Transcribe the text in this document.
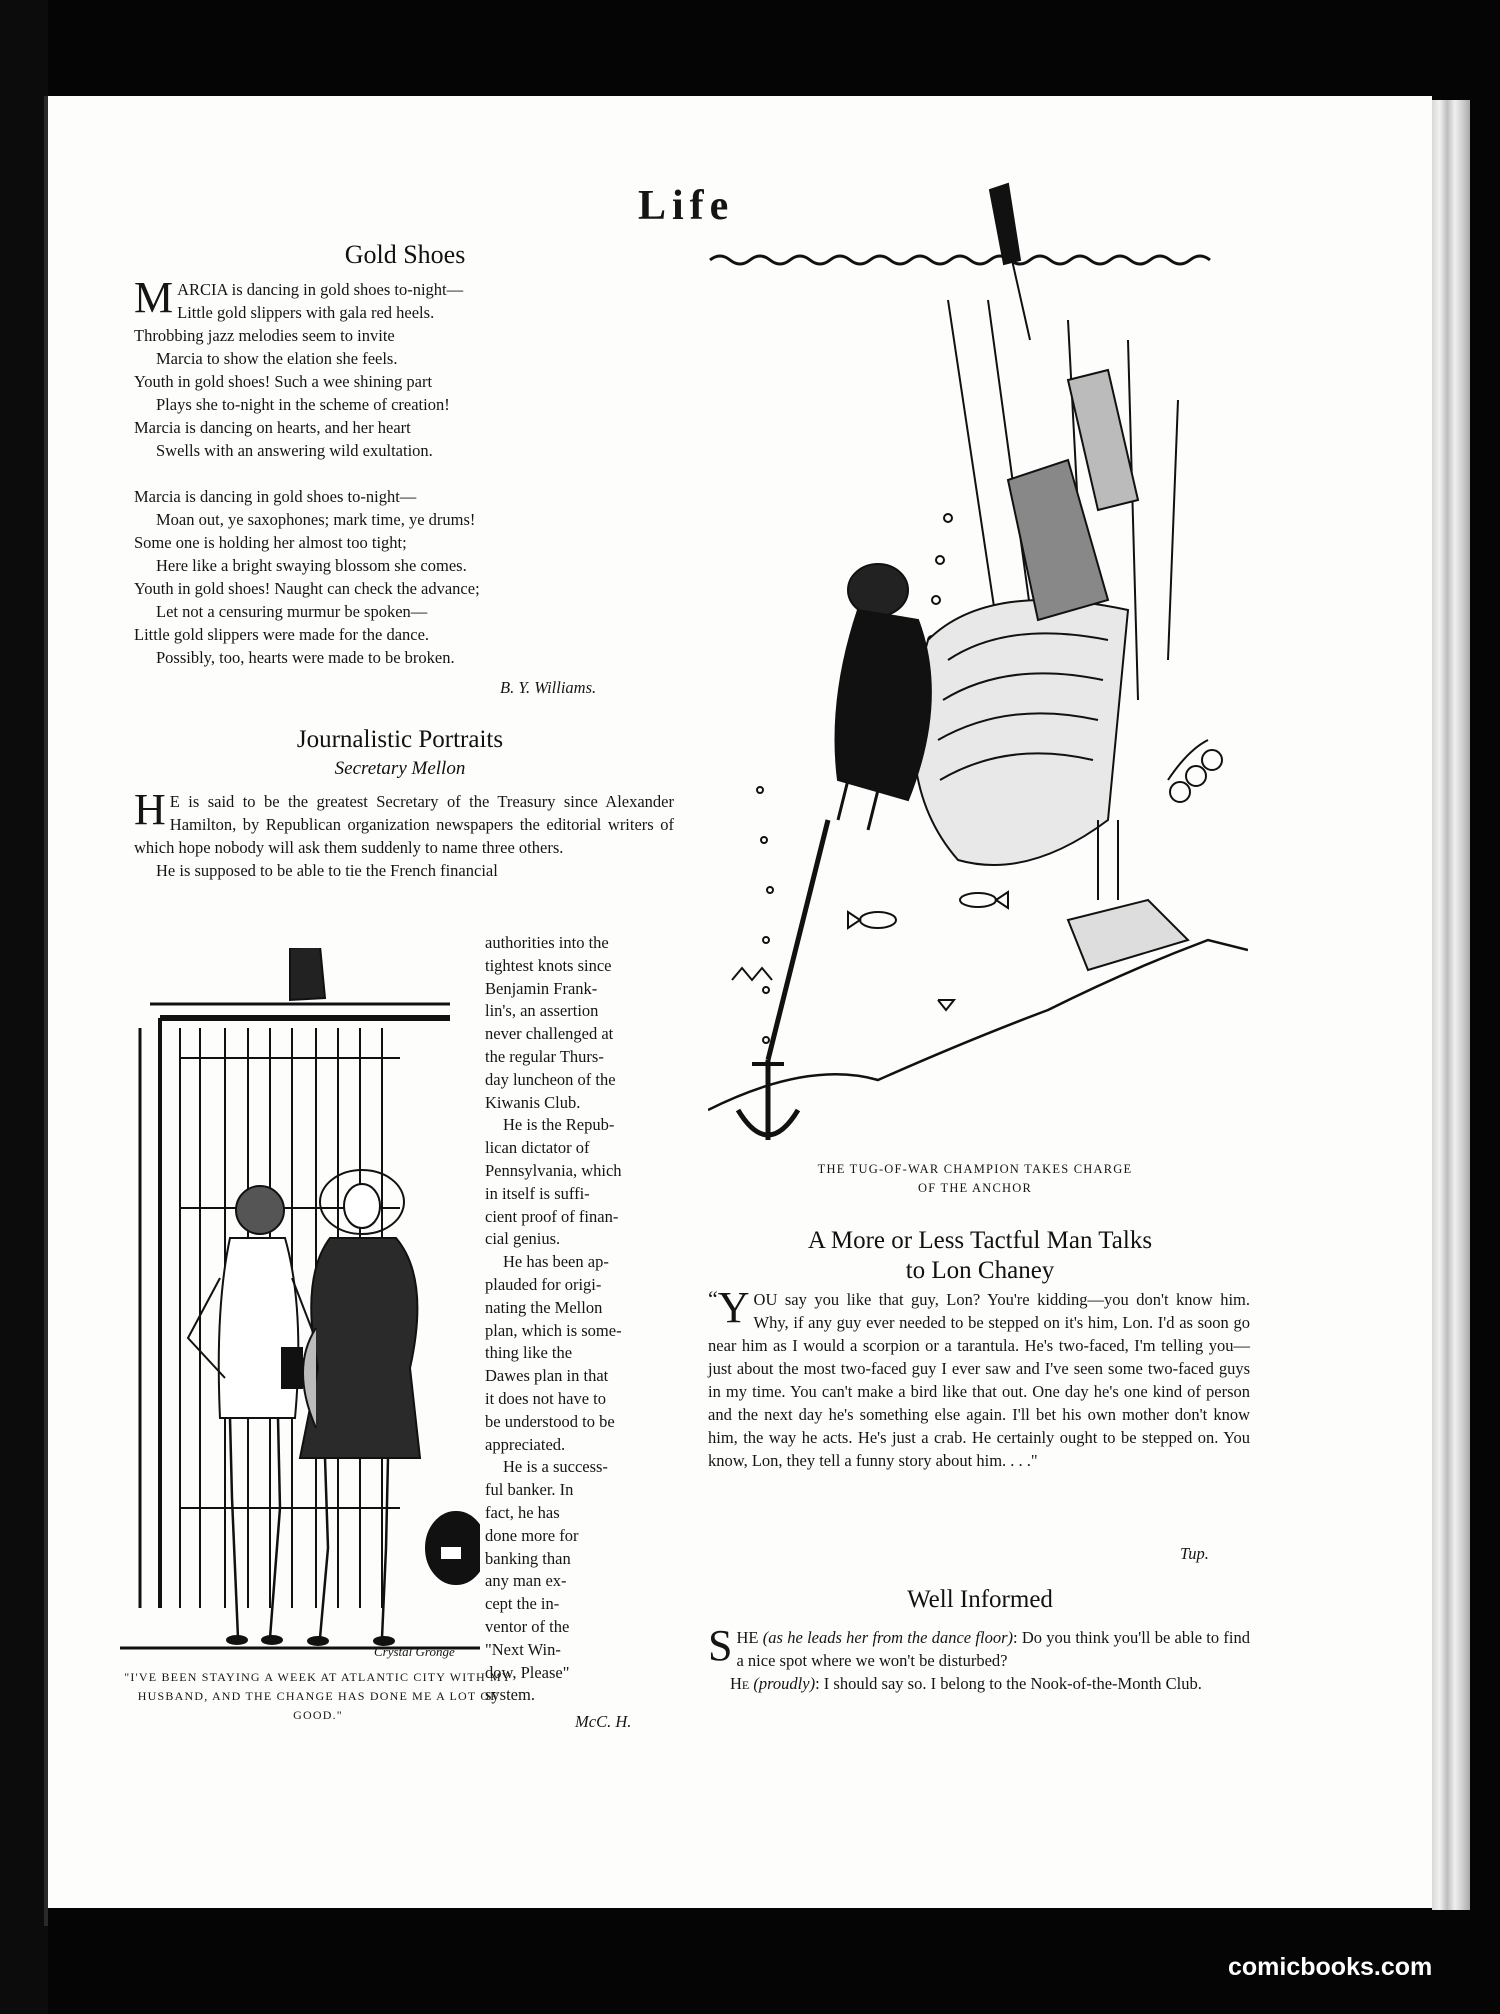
Life
Gold Shoes
MARCIA is dancing in gold shoes to-night—
Little gold slippers with gala red heels.
Throbbing jazz melodies seem to invite
Marcia to show the elation she feels.
Youth in gold shoes! Such a wee shining part
Plays she to-night in the scheme of creation!
Marcia is dancing on hearts, and her heart
Swells with an answering wild exultation.
Marcia is dancing in gold shoes to-night—
Moan out, ye saxophones; mark time, ye drums!
Some one is holding her almost too tight;
Here like a bright swaying blossom she comes.
Youth in gold shoes! Naught can check the advance;
Let not a censuring murmur be spoken—
Little gold slippers were made for the dance.
Possibly, too, hearts were made to be broken.
B. Y. Williams.
Journalistic Portraits
Secretary Mellon

H E is said to be the greatest Secretary of the Treasury since Alexander Hamilton, by Republican organization newspapers the editorial writers of which hope nobody will ask them suddenly to name three others.

He is supposed to be able to tie the French financial

authorities into the
tightest knots since
Benjamin Frank-
lin's, an assertion
never challenged at
the regular Thurs-
day luncheon of the
Kiwanis Club.
He is the Repub-
lican dictator of
Pennsylvania, which
in itself is suffi-
cient proof of finan-
cial genius.
He has been ap-
plauded for origi-
nating the Mellon
plan, which is some-
thing like the
Dawes plan in that
it does not have to
be understood to be
appreciated.
He is a success-
ful banker. In
fact, he has
done more for
banking than
any man ex-
cept the in-
ventor of the
"Next Win-
dow, Please"
system.
McC. H.
Crystal Gronge
"I'VE BEEN STAYING A WEEK AT ATLANTIC CITY WITH MY HUSBAND, AND THE CHANGE HAS DONE ME A LOT OF GOOD."
THE TUG-OF-WAR CHAMPION TAKES CHARGE
OF THE ANCHOR
A More or Less Tactful Man Talks
to Lon Chaney

“ Y OU say you like that guy, Lon? You're kidding—you don't know him. Why, if any guy ever needed to be stepped on it's him, Lon. I'd as soon go near him as I would a scorpion or a tarantula. He's two-faced, I'm telling you—just about the most two-faced guy I ever saw and I've seen some two-faced guys in my time. You can't make a bird like that out. One day he's one kind of person and the next day he's something else again. I'll bet his own mother don't know him, the way he acts. He's just a crab. He certainly ought to be stepped on. You know, Lon, they tell a funny story about him. . . ."

Tup.
Well Informed

SHE (as he leads her from the dance floor): Do you think you'll be able to find a nice spot where we won't be disturbed?

He (proudly): I should say so. I belong to the Nook-of-the-Month Club.

comicbooks.com
